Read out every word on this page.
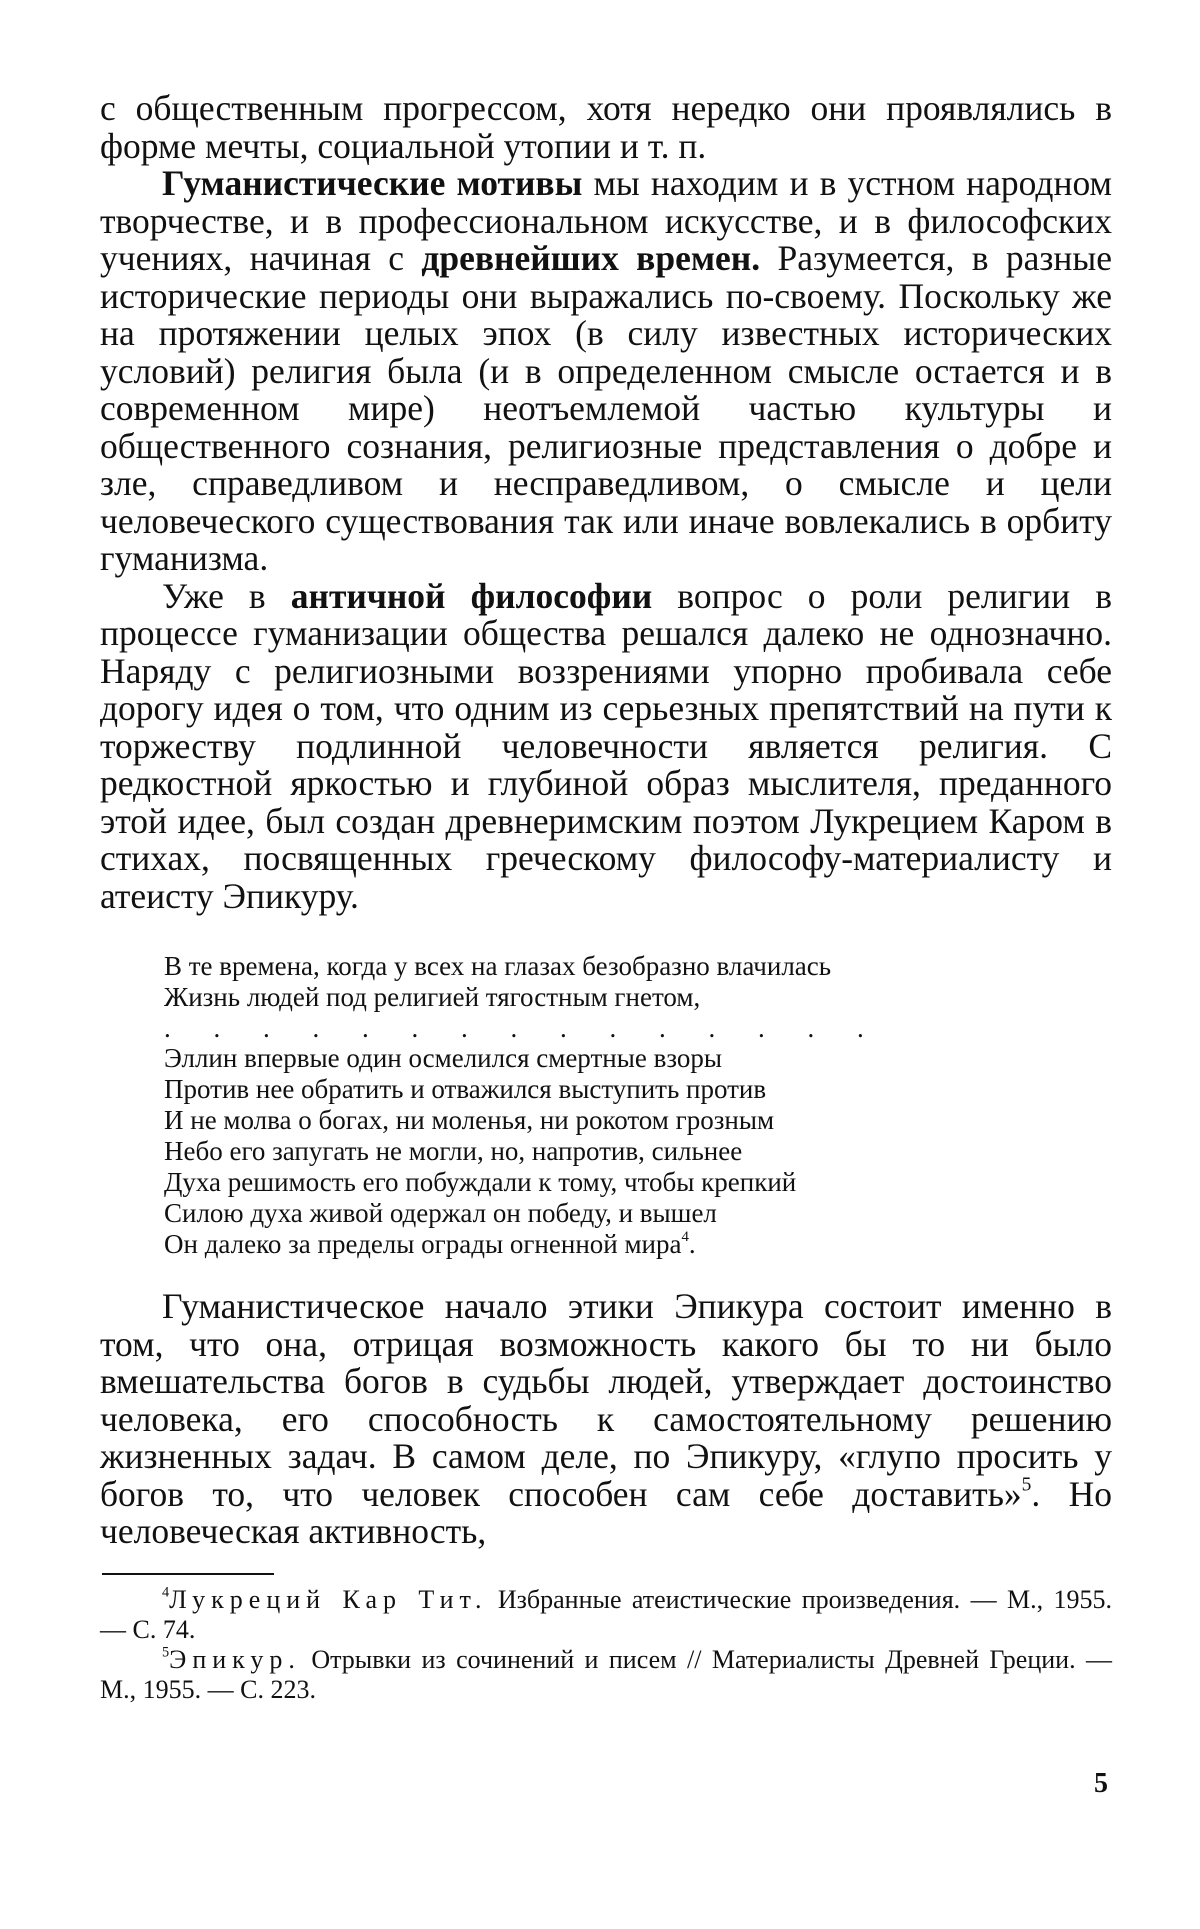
с общественным прогрессом, хотя нередко они проявлялись в форме мечты, социальной утопии и т. п.

Гуманистические мотивы мы находим и в устном народном творчестве, и в профессиональном искусстве, и в философских учениях, начиная с древнейших времен. Разумеется, в разные исторические периоды они выражались по-своему. Поскольку же на протяжении целых эпох (в силу известных исторических условий) религия была (и в определенном смысле остается и в современном мире) неотъемлемой частью культуры и общественного сознания, религиозные представления о добре и зле, справедливом и несправедливом, о смысле и цели человеческого существования так или иначе вовлекались в орбиту гуманизма.

Уже в античной философии вопрос о роли религии в процессе гуманизации общества решался далеко не однозначно. Наряду с религиозными воззрениями упорно пробивала себе дорогу идея о том, что одним из серьезных препятствий на пути к торжеству подлинной человечности является религия. С редкостной яркостью и глубиной образ мыслителя, преданного этой идее, был создан древнеримским поэтом Лукрецием Каром в стихах, посвященных греческому философу-материалисту и атеисту Эпикуру.

В те времена, когда у всех на глазах безобразно влачилась
Жизнь людей под религией тягостным гнетом,
. . . . . . . . . . . . . . .
Эллин впервые один осмелился смертные взоры
Против нее обратить и отважился выступить против
И не молва о богах, ни моленья, ни рокотом грозным
Небо его запугать не могли, но, напротив, сильнее
Духа решимость его побуждали к тому, чтобы крепкий
Силою духа живой одержал он победу, и вышел
Он далеко за пределы ограды огненной мира$^4$.

Гуманистическое начало этики Эпикура состоит именно в том, что она, отрицая возможность какого бы то ни было вмешательства богов в судьбы людей, утверждает достоинство человека, его способность к самостоятельному решению жизненных задач. В самом деле, по Эпикуру, «глупо просить у богов то, что человек способен сам себе доставить»$^5$. Но человеческая активность,

$^4$Лукреций Кар Тит. Избранные атеистические произведения. — М., 1955. — С. 74.

$^5$Эпикур. Отрывки из сочинений и писем // Материалисты Древней Греции. — М., 1955. — С. 223.

5
